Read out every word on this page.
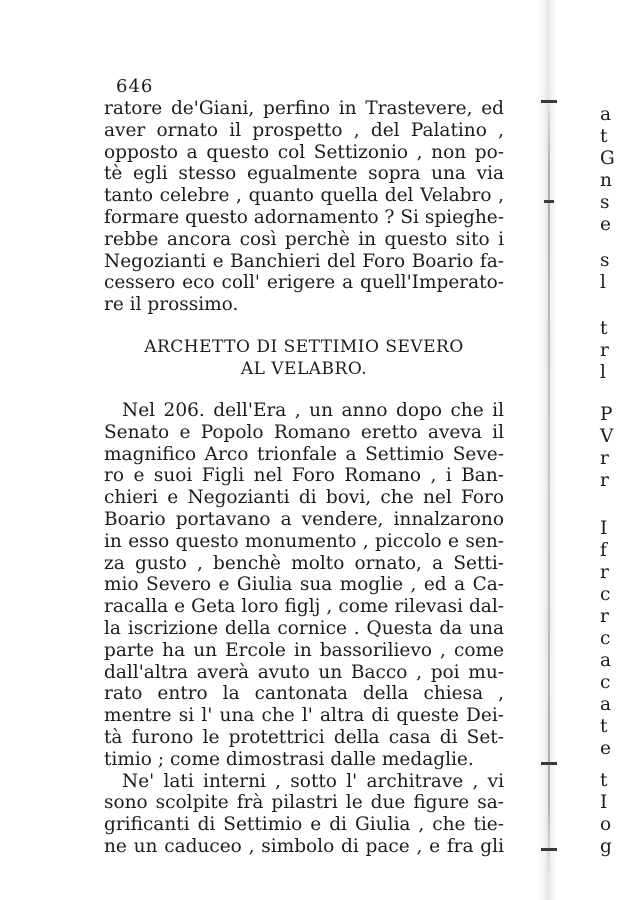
646
ratore de'Giani, perfino in Trastevere, ed
aver ornato il prospetto , del Palatino ,
opposto a questo col Settizonio , non po-
tè egli stesso egualmente sopra una via
tanto celebre , quanto quella del Velabro ,
formare questo adornamento ? Si spieghe-
rebbe ancora così perchè in questo sito i
Negozianti e Banchieri del Foro Boario fa-
cessero eco coll' erigere a quell'Imperato-
re il prossimo.

ARCHETTO DI SETTIMIO SEVERO

AL VELABRO.

Nel 206. dell'Era , un anno dopo che il
Senato e Popolo Romano eretto aveva il
magnifico Arco trionfale a Settimio Seve-
ro e suoi Figli nel Foro Romano , i Ban-
chieri e Negozianti di bovi, che nel Foro
Boario portavano a vendere, innalzarono
in esso questo monumento , piccolo e sen-
za gusto , benchè molto ornato, a Setti-
mio Severo e Giulia sua moglie , ed a Ca-
racalla e Geta loro figlj , come rilevasi dal-
la iscrizione della cornice . Questa da una
parte ha un Ercole in bassorilievo , come
dall'altra averà avuto un Bacco , poi mu-
rato entro la cantonata della chiesa ,
mentre si l' una che l' altra di queste Dei-
tà furono le protettrici della casa di Set-
timio ; come dimostrasi dalle medaglie.
Ne' lati interni , sotto l' architrave , vi
sono scolpite frà pilastri le due figure sa-
grificanti di Settimio e di Giulia , che tie-
ne un caduceo , simbolo di pace , e fra gli
a
t
G
n
s
e
s
l
t
r
l
P
V
r
r
I
f
r
c
r
c
a
c
a
t
e
t
I
o
g
